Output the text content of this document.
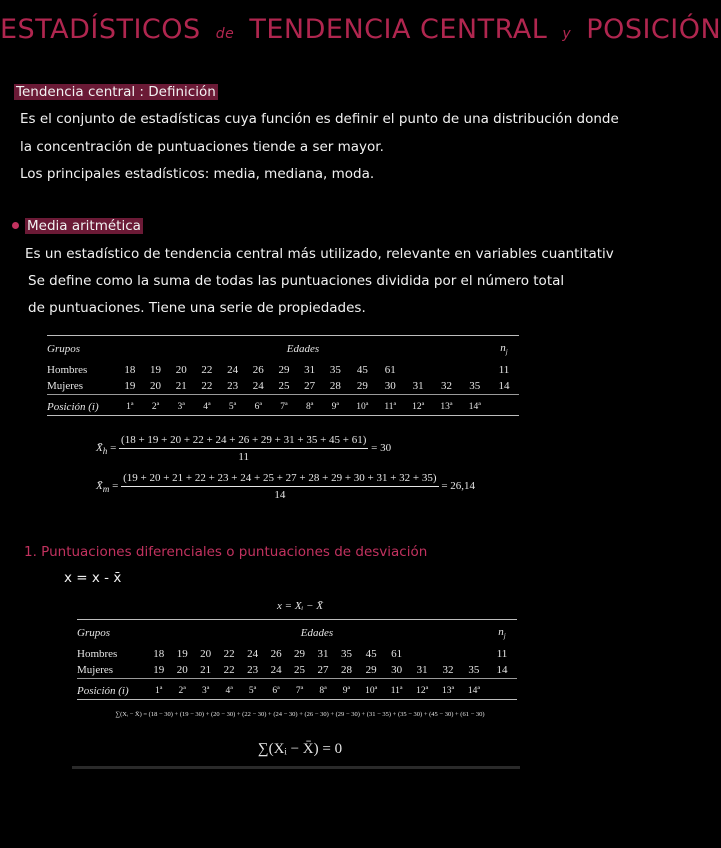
ESTADÍSTICOS de TENDENCIA CENTRAL y POSICIÓN
Tendencia central : Definición
Es el conjunto de estadísticas cuya función es definir el punto de una distribución donde
la concentración de puntuaciones tiende a ser mayor.
Los principales estadísticos: media, mediana, moda.
Media aritmética
Es un estadístico de tendencia central más utilizado, relevante en variables cuantitativ
Se define como la suma de todas las puntuaciones dividida por el número total
de puntuaciones. Tiene una serie de propiedades.
Grupos	Edades														$n_j$

Hombres	18	19	20	22	24	26	29	31	35	45	61					11
Mujeres	19	20	21	22	23	24	25	27	28	29	30	31	32	35		14
Posición (i)	1ª	2ª	3ª	4ª	5ª	6ª	7ª	8ª	9ª	10ª	11ª	12ª	13ª	14ª		
$X̄_h = \frac{(18 + 19 + 20 + 22 + 24 + 26 + 29 + 31 + 35 + 45 + 61)}{11} = 30$
$X̄_m$ =
(19 + 20 + 21 + 22 + 23 + 24 + 25 + 27 + 28 + 29 + 30 + 31 + 32 + 35)
14
= 26,14
1. Puntuaciones diferenciales o puntuaciones de desviación
x = x - x̄
x = Xᵢ − X̄
Grupos	Edades														$n_j$

Hombres	18	19	20	22	24	26	29	31	35	45	61					11
Mujeres	19	20	21	22	23	24	25	27	28	29	30	31	32	35		14
Posición (i)	1ª	2ª	3ª	4ª	5ª	6ª	7ª	8ª	9ª	10ª	11ª	12ª	13ª	14ª		
∑(Xᵢ − X̄) = (18 − 30) + (19 − 30) + (20 − 30) + (22 − 30) + (24 − 30) + (26 − 30) + (29 − 30) + (31 − 35) + (35 − 30) + (45 − 30) + (61 − 30)
∑(Xᵢ − X̄) = 0
